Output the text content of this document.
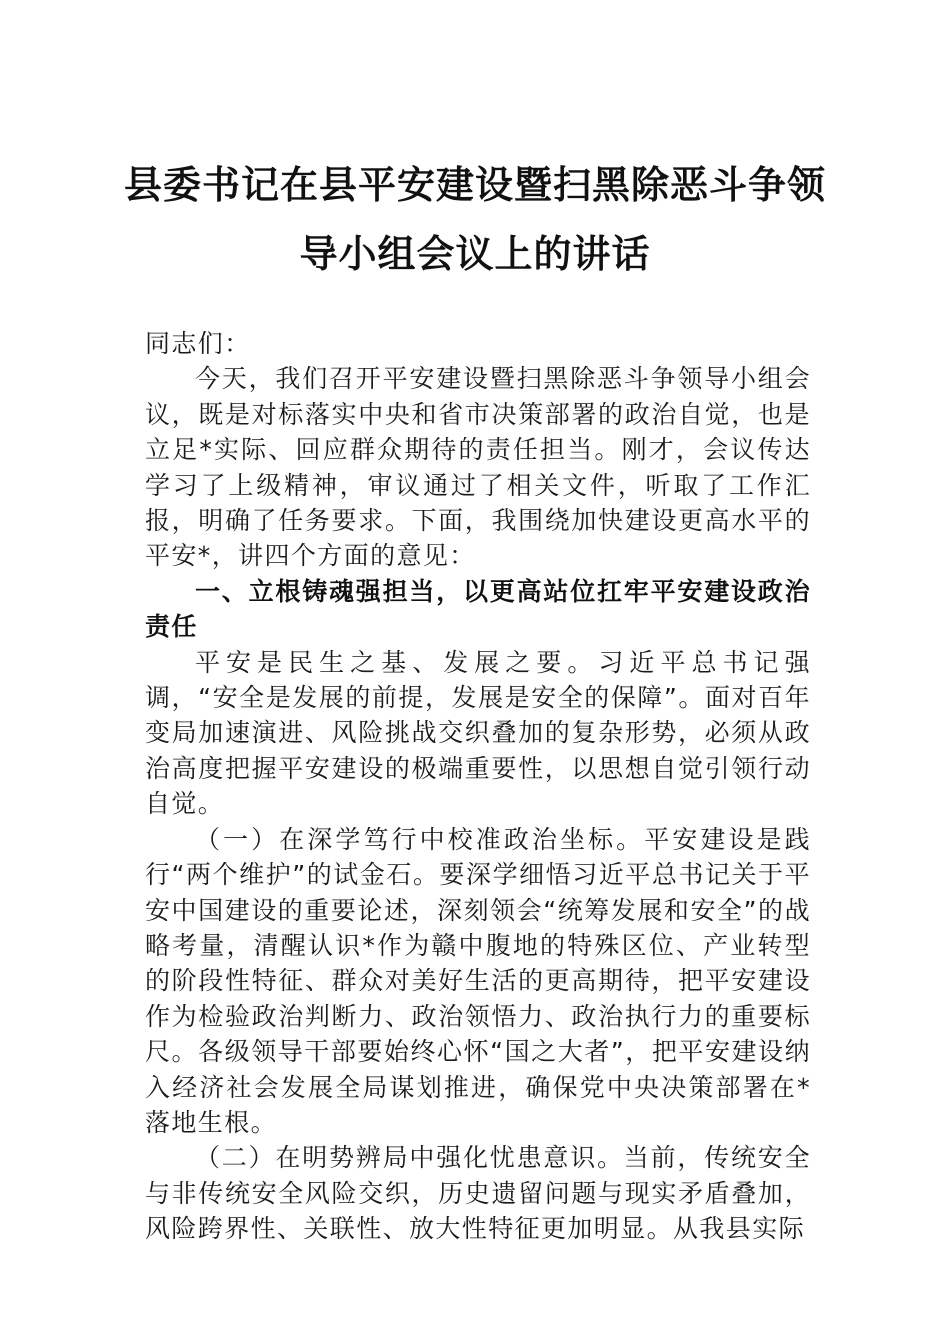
县委书记在县平安建设暨扫黑除恶斗争领
导小组会议上的讲话

同志们：

今天，我们召开平安建设暨扫黑除恶斗争领导小组会议，既是对标落实中央和省市决策部署的政治自觉，也是立足*实际、回应群众期待的责任担当。刚才，会议传达学习了上级精神，审议通过了相关文件，听取了工作汇报，明确了任务要求。下面，我围绕加快建设更高水平的平安*，讲四个方面的意见：

一、立根铸魂强担当，以更高站位扛牢平安建设政治责任

平安是民生之基、发展之要。习近平总书记强调，“安全是发展的前提，发展是安全的保障”。面对百年变局加速演进、风险挑战交织叠加的复杂形势，必须从政治高度把握平安建设的极端重要性，以思想自觉引领行动自觉。

（一）在深学笃行中校准政治坐标。平安建设是践行“两个维护”的试金石。要深学细悟习近平总书记关于平安中国建设的重要论述，深刻领会“统筹发展和安全”的战略考量，清醒认识*作为赣中腹地的特殊区位、产业转型的阶段性特征、群众对美好生活的更高期待，把平安建设作为检验政治判断力、政治领悟力、政治执行力的重要标尺。各级领导干部要始终心怀“国之大者”，把平安建设纳入经济社会发展全局谋划推进，确保党中央决策部署在*落地生根。

（二）在明势辨局中强化忧患意识。当前，传统安全与非传统安全风险交织，历史遗留问题与现实矛盾叠加，风险跨界性、关联性、放大性特征更加明显。从我县实际
